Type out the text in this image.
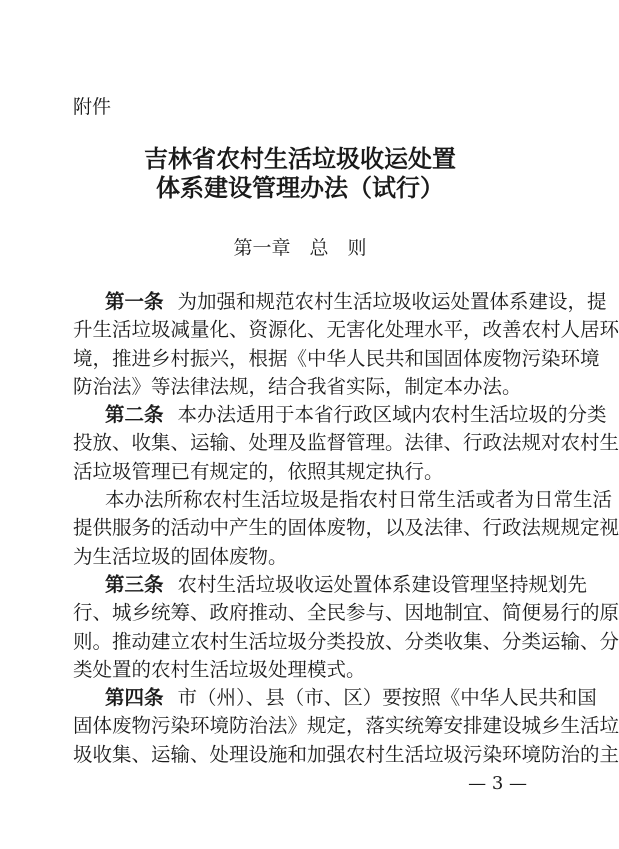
附件
吉林省农村生活垃圾收运处置
体系建设管理办法（试行）
第一章　总　则
第一条 为加强和规范农村生活垃圾收运处置体系建设，提
升生活垃圾减量化、资源化、无害化处理水平，改善农村人居环
境，推进乡村振兴，根据《中华人民共和国固体废物污染环境
防治法》等法律法规，结合我省实际，制定本办法。
第二条 本办法适用于本省行政区域内农村生活垃圾的分类
投放、收集、运输、处理及监督管理。法律、行政法规对农村生
活垃圾管理已有规定的，依照其规定执行。
本办法所称农村生活垃圾是指农村日常生活或者为日常生活
提供服务的活动中产生的固体废物，以及法律、行政法规规定视
为生活垃圾的固体废物。
第三条 农村生活垃圾收运处置体系建设管理坚持规划先
行、城乡统筹、政府推动、全民参与、因地制宜、简便易行的原
则。推动建立农村生活垃圾分类投放、分类收集、分类运输、分
类处置的农村生活垃圾处理模式。
第四条 市（州）、县（市、区）要按照《中华人民共和国
固体废物污染环境防治法》规定，落实统筹安排建设城乡生活垃
圾收集、运输、处理设施和加强农村生活垃圾污染环境防治的主
— 3 —
